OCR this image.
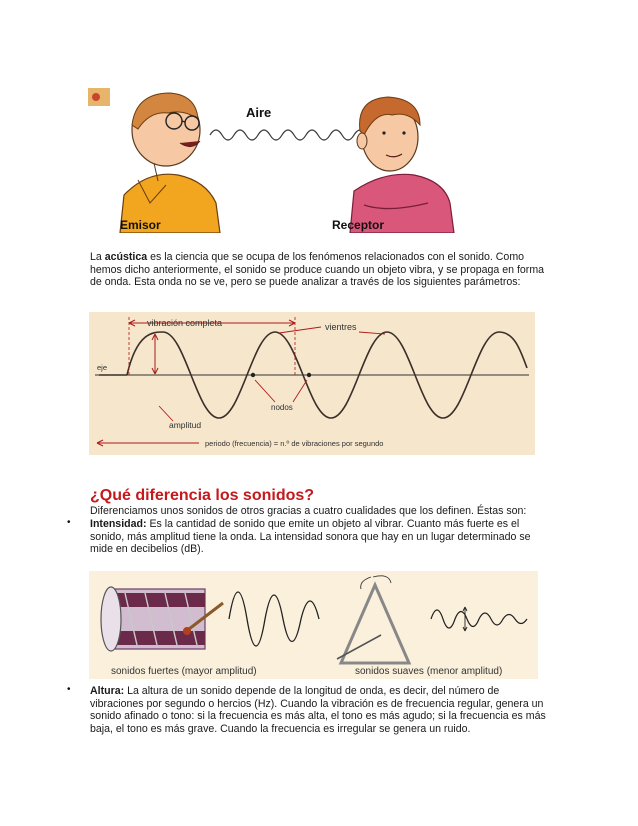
Aire
Emisor	Receptor
La acústica es la ciencia que se ocupa de los fenómenos relacionados con el sonido. Como hemos dicho anteriormente, el sonido se produce cuando un objeto vibra, y se propaga en forma de onda. Esta onda no se ve, pero se puede analizar a través de los siguientes parámetros:
eje
vibración completa	vientres
nodos
amplitud
periodo (frecuencia) = n.º de vibraciones por segundo
¿Qué diferencia los sonidos?
Diferenciamos unos sonidos de otros gracias a cuatro cualidades que los definen. Éstas son:
• Intensidad: Es la cantidad de sonido que emite un objeto al vibrar. Cuanto más fuerte es el sonido, más amplitud tiene la onda. La intensidad sonora que hay en un lugar determinado se mide en decibelios (dB).
sonidos fuertes (mayor amplitud)	sonidos suaves (menor amplitud)
• Altura: La altura de un sonido depende de la longitud de onda, es decir, del número de vibraciones por segundo o hercios (Hz). Cuando la vibración es de frecuencia regular, genera un sonido afinado o tono: si la frecuencia es más alta, el tono es más agudo; si la frecuencia es más baja, el tono es más grave. Cuando la frecuencia es irregular se genera un ruido.
